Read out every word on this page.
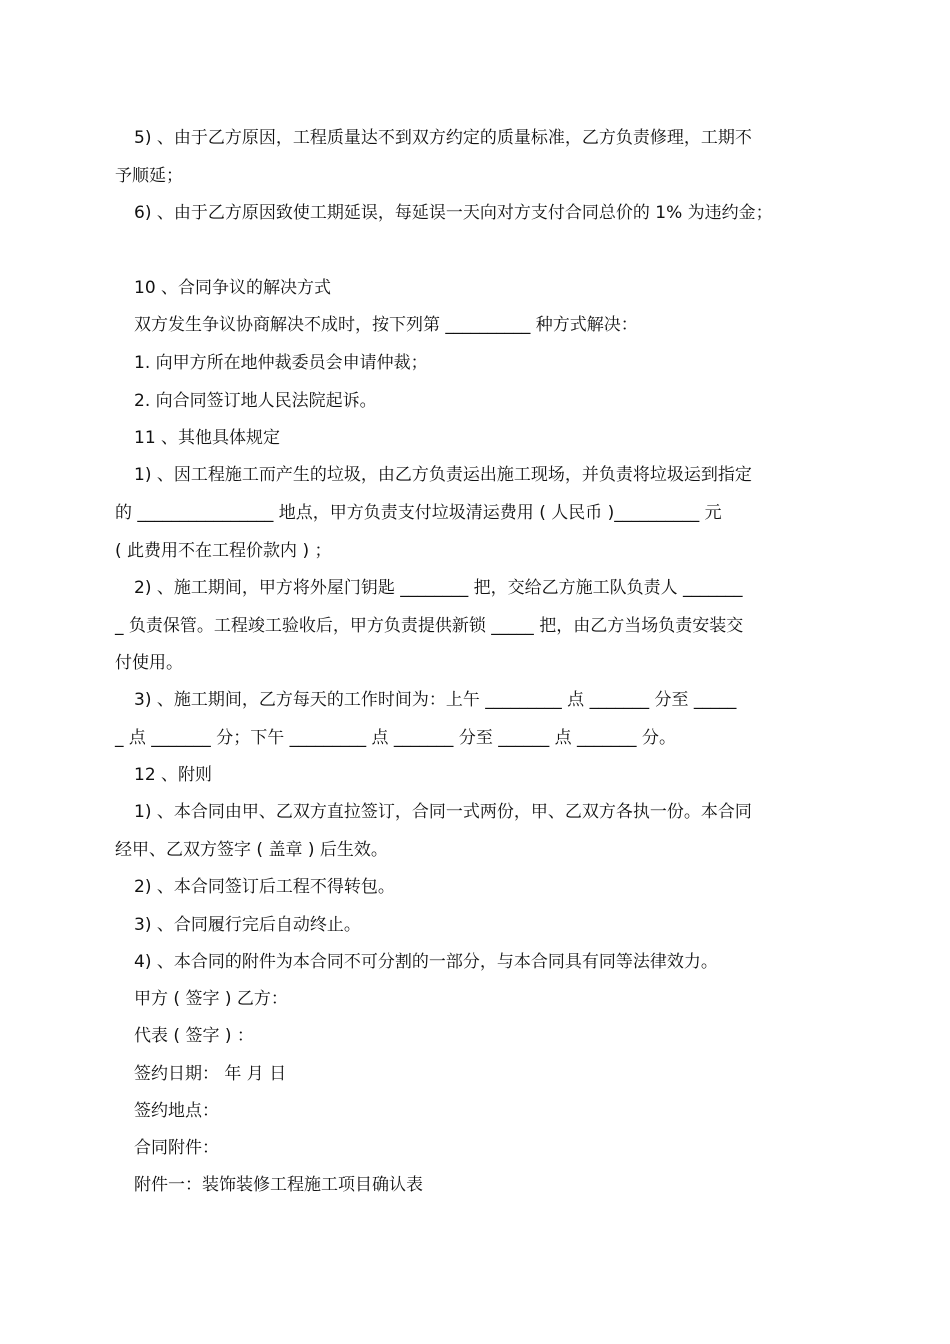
5) 、由于乙方原因，工程质量达不到双方约定的质量标准，乙方负责修理，工期不
予顺延；
6) 、由于乙方原因致使工期延误，每延误一天向对方支付合同总价的 1% 为违约金；
10 、合同争议的解决方式
双方发生争议协商解决不成时，按下列第 __________ 种方式解决：
1. 向甲方所在地仲裁委员会申请仲裁；
2. 向合同签订地人民法院起诉。
11 、其他具体规定
1) 、因工程施工而产生的垃圾，由乙方负责运出施工现场，并负责将垃圾运到指定
的 ________________ 地点，甲方负责支付垃圾清运费用 ( 人民币 )__________ 元
( 此费用不在工程价款内 ) ；
2) 、施工期间，甲方将外屋门钥匙 ________ 把，交给乙方施工队负责人 _______
_ 负责保管。工程竣工验收后，甲方负责提供新锁 _____ 把，由乙方当场负责安装交
付使用。
3) 、施工期间，乙方每天的工作时间为：上午 _________ 点 _______ 分至 _____
_ 点 _______ 分；下午 _________ 点 _______ 分至 ______ 点 _______ 分。
12 、附则
1) 、本合同由甲、乙双方直拉签订，合同一式两份，甲、乙双方各执一份。本合同
经甲、乙双方签字 ( 盖章 ) 后生效。
2) 、本合同签订后工程不得转包。
3) 、合同履行完后自动终止。
4) 、本合同的附件为本合同不可分割的一部分，与本合同具有同等法律效力。
甲方 ( 签字 ) 乙方：
代表 ( 签字 ) ：
签约日期： 年 月 日
签约地点：
合同附件：
附件一：装饰装修工程施工项目确认表
